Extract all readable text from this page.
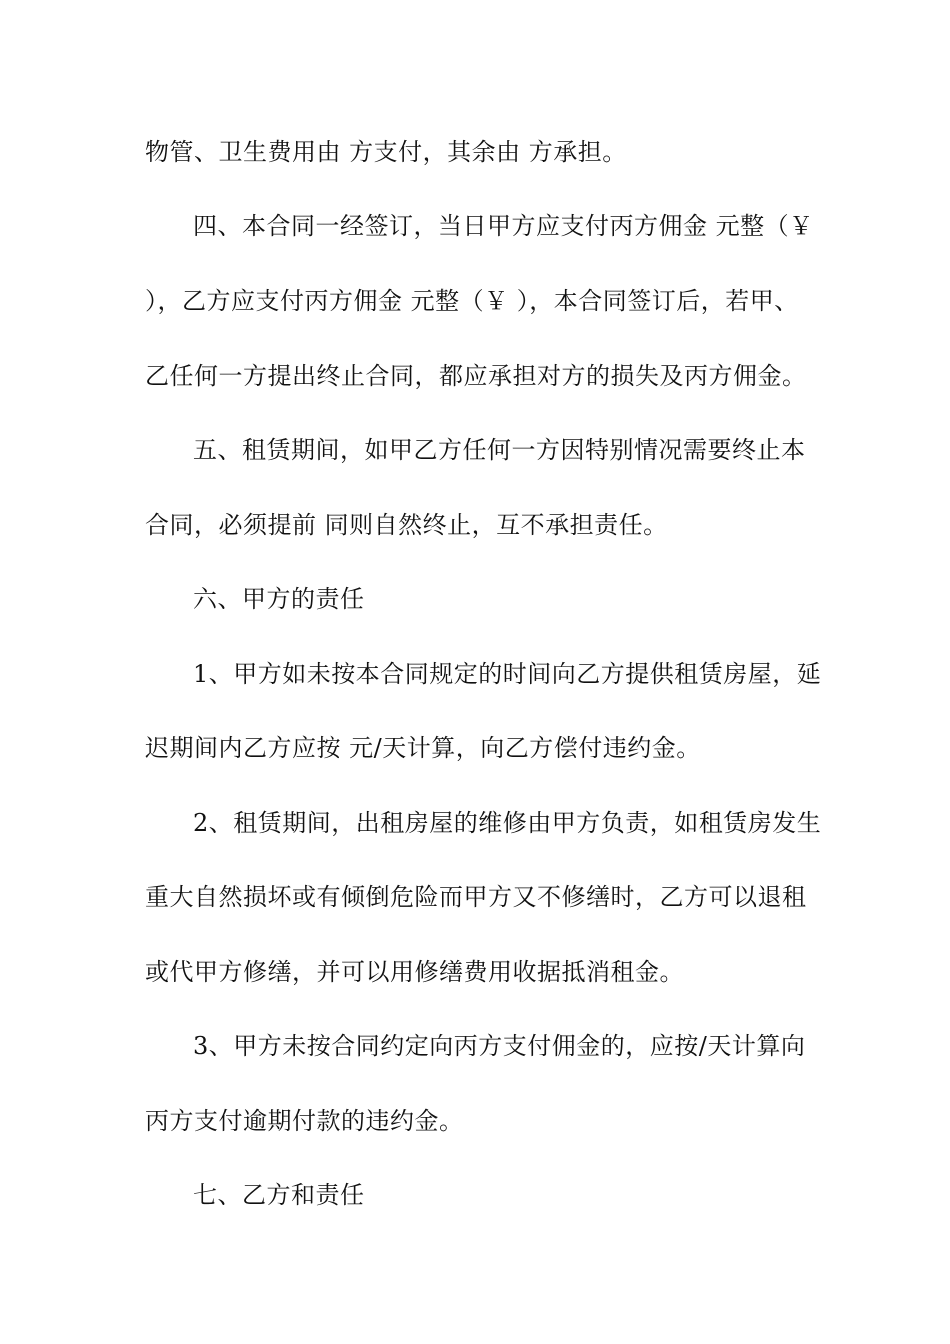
物管、卫生费用由 方支付，其余由 方承担。
四、本合同一经签订，当日甲方应支付丙方佣金 元整（￥
），乙方应支付丙方佣金 元整（￥ ），本合同签订后，若甲、
乙任何一方提出终止合同，都应承担对方的损失及丙方佣金。
五、租赁期间，如甲乙方任何一方因特别情况需要终止本
合同，必须提前 同则自然终止，互不承担责任。
六、甲方的责任
1、甲方如未按本合同规定的时间向乙方提供租赁房屋，延
迟期间内乙方应按 元/天计算，向乙方偿付违约金。
2、租赁期间，出租房屋的维修由甲方负责，如租赁房发生
重大自然损坏或有倾倒危险而甲方又不修缮时，乙方可以退租
或代甲方修缮，并可以用修缮费用收据抵消租金。
3、甲方未按合同约定向丙方支付佣金的，应按/天计算向
丙方支付逾期付款的违约金。
七、乙方和责任
